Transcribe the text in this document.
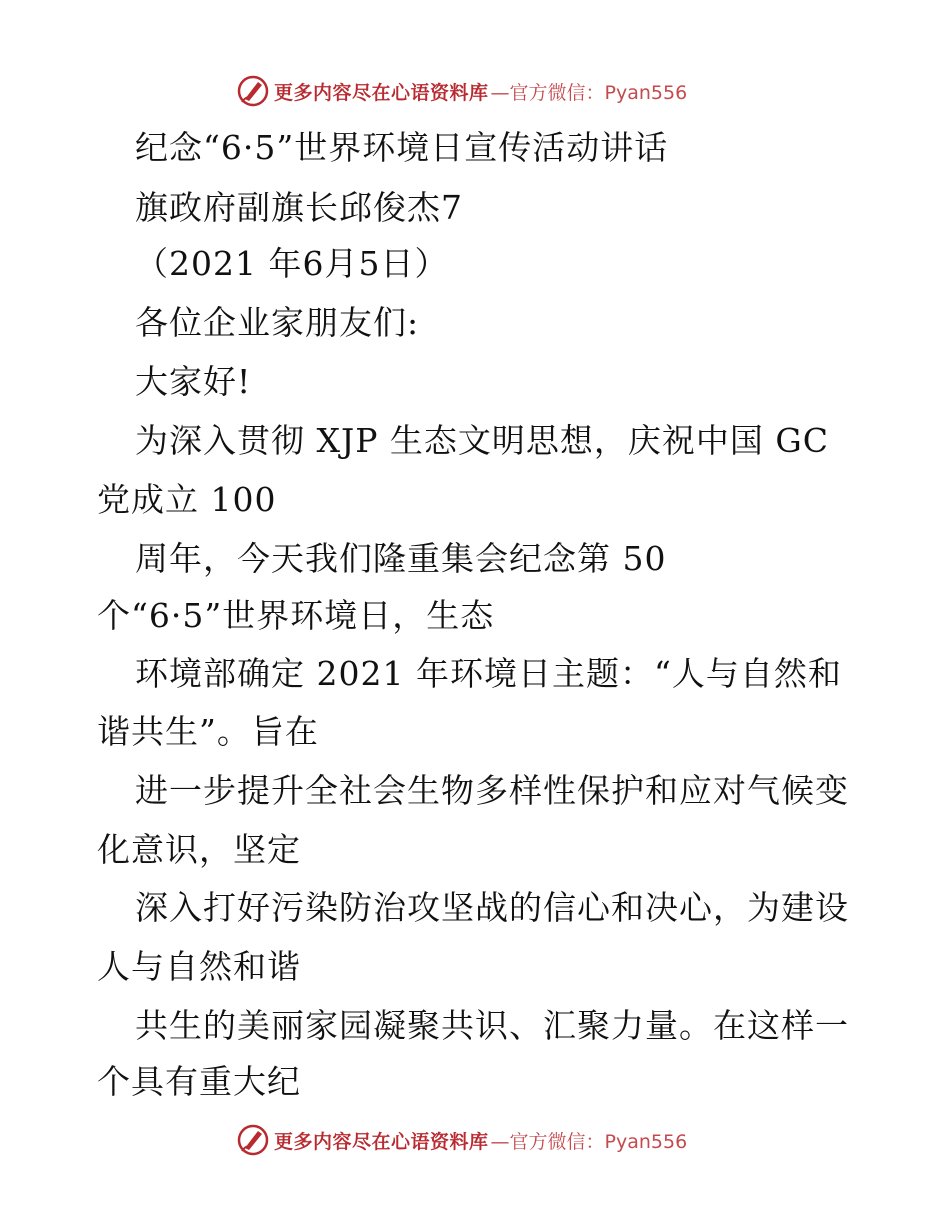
更多内容尽在心语资料库 —官方微信：Pyan556
纪念“6·5”世界环境日宣传活动讲话
旗政府副旗长邱俊杰7
（2021 年6月5日）
各位企业家朋友们:
大家好!
为深入贯彻 XJP 生态文明思想，庆祝中国 GC
党成立 100
周年，今天我们隆重集会纪念第 50
个“6·5”世界环境日，生态
环境部确定 2021 年环境日主题：“人与自然和
谐共生”。旨在
进一步提升全社会生物多样性保护和应对气候变
化意识，坚定
深入打好污染防治攻坚战的信心和决心，为建设
人与自然和谐
共生的美丽家园凝聚共识、汇聚力量。在这样一
个具有重大纪
更多内容尽在心语资料库 —官方微信：Pyan556
